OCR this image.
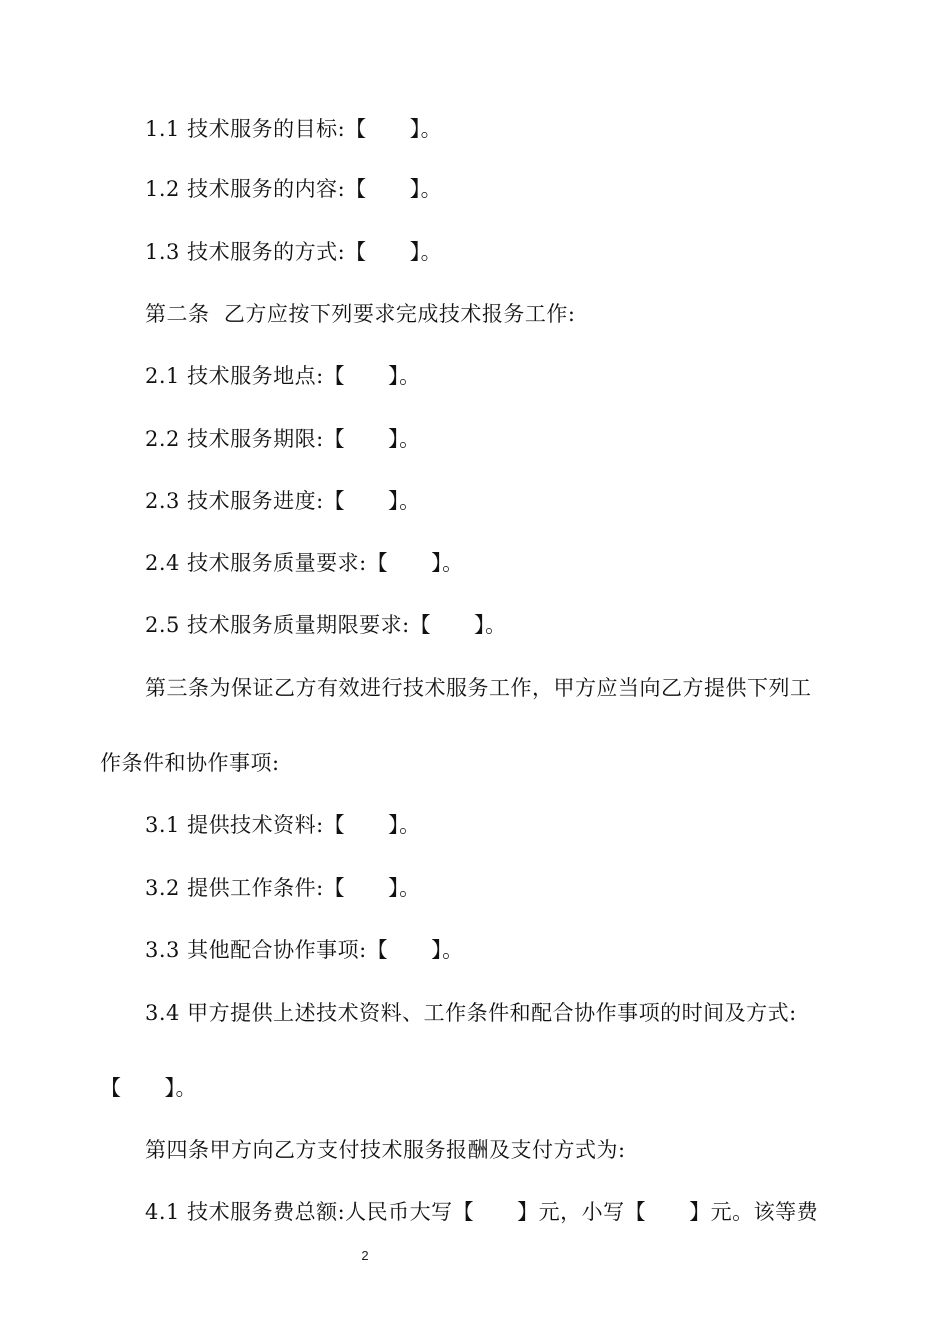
1.1 技术服务的目标:【　　】。
1.2 技术服务的内容:【　　】。
1.3 技术服务的方式:【　　】。
第二条  乙方应按下列要求完成技术报务工作:
2.1 技术服务地点:【　　】。
2.2 技术服务期限:【　　】。
2.3 技术服务进度:【　　】。
2.4 技术服务质量要求:【　　】。
2.5 技术服务质量期限要求:【　　】。
第三条为保证乙方有效进行技术服务工作，甲方应当向乙方提供下列工
作条件和协作事项:
3.1 提供技术资料:【　　】。
3.2 提供工作条件:【　　】。
3.3 其他配合协作事项:【　　】。
3.4 甲方提供上述技术资料、工作条件和配合协作事项的时间及方式:
【　　】。
第四条甲方向乙方支付技术服务报酬及支付方式为:
4.1 技术服务费总额:人民币大写【　　】元，小写【　　】元。该等费
2
